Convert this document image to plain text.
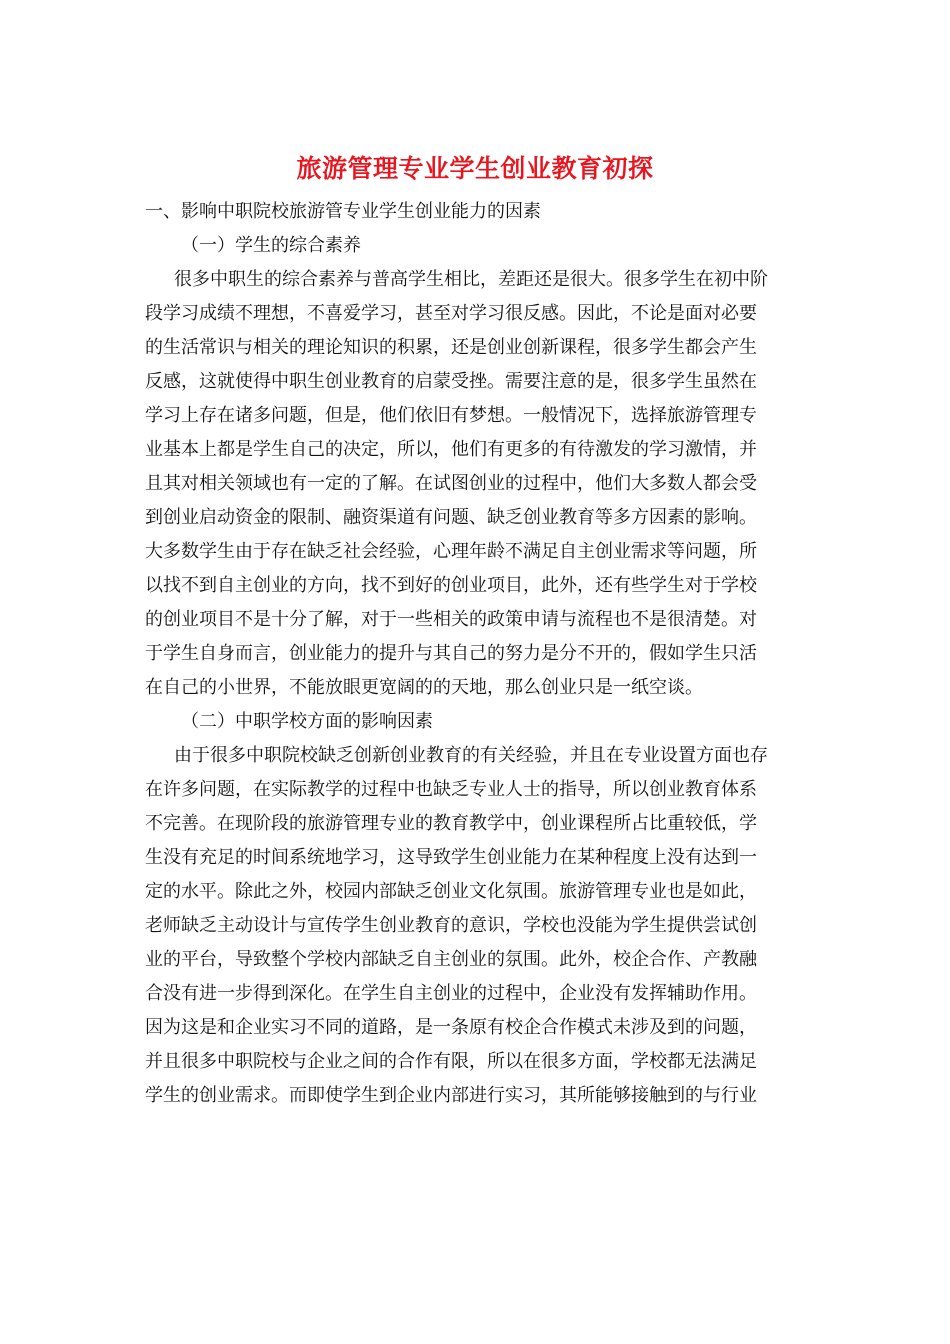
旅游管理专业学生创业教育初探

一、影响中职院校旅游管专业学生创业能力的因素

（一）学生的综合素养

很多中职生的综合素养与普高学生相比，差距还是很大。很多学生在初中阶

段学习成绩不理想，不喜爱学习，甚至对学习很反感。因此，不论是面对必要

的生活常识与相关的理论知识的积累，还是创业创新课程，很多学生都会产生

反感，这就使得中职生创业教育的启蒙受挫。需要注意的是，很多学生虽然在

学习上存在诸多问题，但是，他们依旧有梦想。一般情况下，选择旅游管理专

业基本上都是学生自己的决定，所以，他们有更多的有待激发的学习激情，并

且其对相关领域也有一定的了解。在试图创业的过程中，他们大多数人都会受

到创业启动资金的限制、融资渠道有问题、缺乏创业教育等多方因素的影响。

大多数学生由于存在缺乏社会经验，心理年龄不满足自主创业需求等问题，所

以找不到自主创业的方向，找不到好的创业项目，此外，还有些学生对于学校

的创业项目不是十分了解，对于一些相关的政策申请与流程也不是很清楚。对

于学生自身而言，创业能力的提升与其自己的努力是分不开的，假如学生只活

在自己的小世界，不能放眼更宽阔的的天地，那么创业只是一纸空谈。

（二）中职学校方面的影响因素

由于很多中职院校缺乏创新创业教育的有关经验，并且在专业设置方面也存

在许多问题，在实际教学的过程中也缺乏专业人士的指导，所以创业教育体系

不完善。在现阶段的旅游管理专业的教育教学中，创业课程所占比重较低，学

生没有充足的时间系统地学习，这导致学生创业能力在某种程度上没有达到一

定的水平。除此之外，校园内部缺乏创业文化氛围。旅游管理专业也是如此，

老师缺乏主动设计与宣传学生创业教育的意识，学校也没能为学生提供尝试创

业的平台，导致整个学校内部缺乏自主创业的氛围。此外，校企合作、产教融

合没有进一步得到深化。在学生自主创业的过程中，企业没有发挥辅助作用。

因为这是和企业实习不同的道路，是一条原有校企合作模式未涉及到的问题，

并且很多中职院校与企业之间的合作有限，所以在很多方面，学校都无法满足

学生的创业需求。而即使学生到企业内部进行实习，其所能够接触到的与行业
